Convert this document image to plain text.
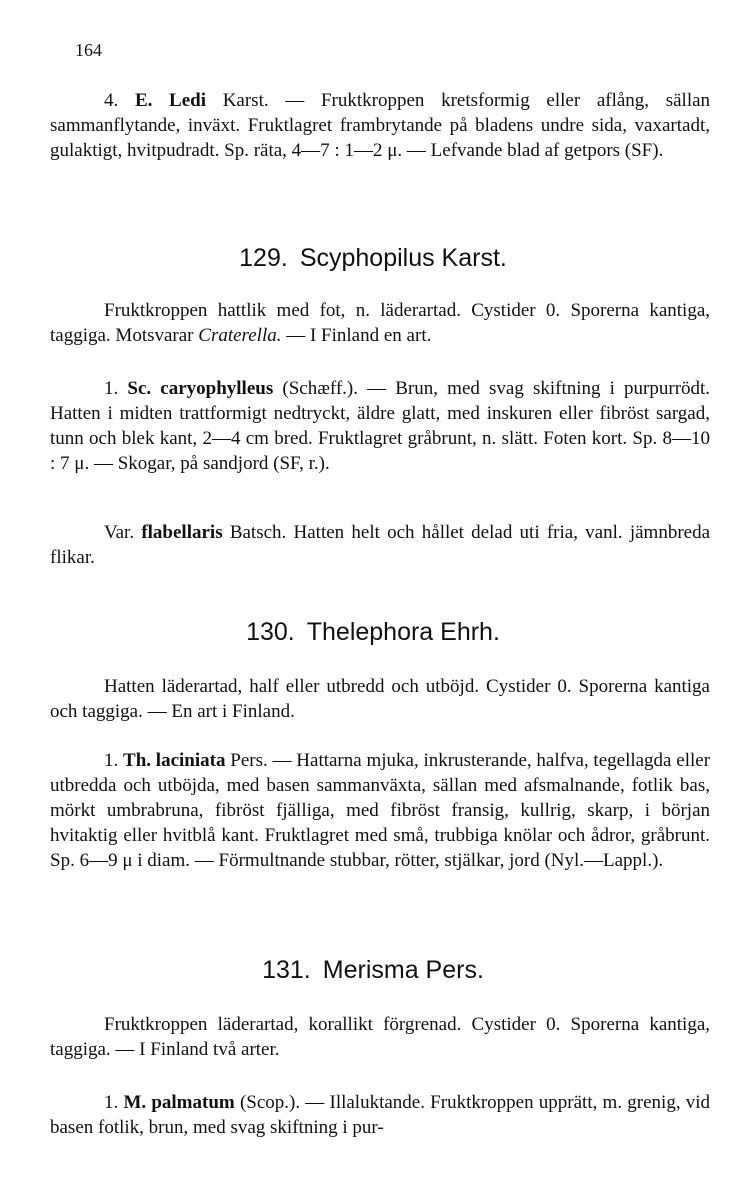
164

4. E. Ledi Karst. — Fruktkroppen kretsformig eller aflång, sällan sammanflytande, inväxt. Fruktlagret frambrytande på bladens undre sida, vaxartadt, gulaktigt, hvitpudradt. Sp. räta, 4—7 : 1—2 μ. — Lefvande blad af getpors (SF).

129. Scyphopilus Karst.

Fruktkroppen hattlik med fot, n. läderartad. Cystider 0. Sporerna kantiga, taggiga. Motsvarar Craterella. — I Finland en art.

1. Sc. caryophylleus (Schæff.). — Brun, med svag skiftning i purpurrödt. Hatten i midten trattformigt nedtryckt, äldre glatt, med inskuren eller fibröst sargad, tunn och blek kant, 2—4 cm bred. Fruktlagret gråbrunt, n. slätt. Foten kort. Sp. 8—10 : 7 μ. — Skogar, på sandjord (SF, r.).

Var. flabellaris Batsch. Hatten helt och hållet delad uti fria, vanl. jämnbreda flikar.

130. Thelephora Ehrh.

Hatten läderartad, half eller utbredd och utböjd. Cystider 0. Sporerna kantiga och taggiga. — En art i Finland.

1. Th. laciniata Pers. — Hattarna mjuka, inkrusterande, halfva, tegellagda eller utbredda och utböjda, med basen sammanväxta, sällan med afsmalnande, fotlik bas, mörkt umbrabruna, fibröst fjälliga, med fibröst fransig, kullrig, skarp, i början hvitaktig eller hvitblå kant. Fruktlagret med små, trubbiga knölar och ådror, gråbrunt. Sp. 6—9 μ i diam. — Förmultnande stubbar, rötter, stjälkar, jord (Nyl.—Lappl.).

131. Merisma Pers.

Fruktkroppen läderartad, korallikt förgrenad. Cystider 0. Sporerna kantiga, taggiga. — I Finland två arter.

1. M. palmatum (Scop.). — Illaluktande. Fruktkroppen upprätt, m. grenig, vid basen fotlik, brun, med svag skiftning i pur-
